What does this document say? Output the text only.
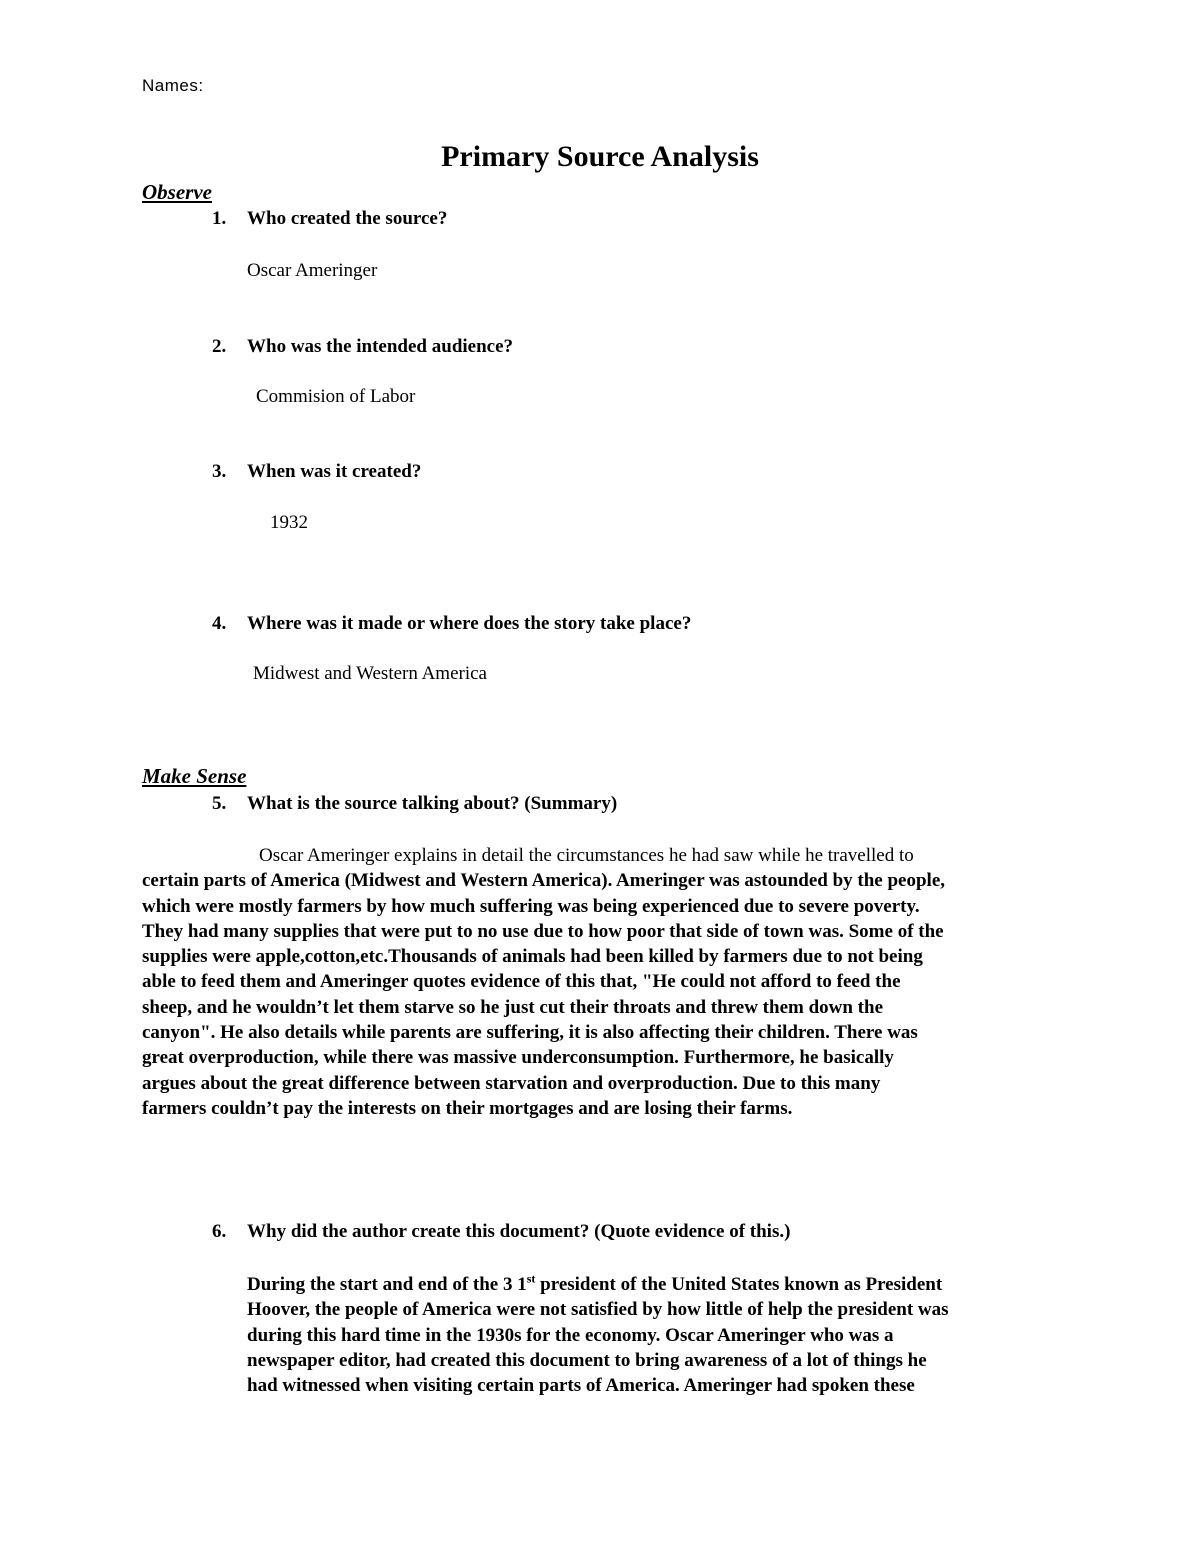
Names:
Primary Source Analysis
Observe
1. Who created the source?
Oscar Ameringer
2. Who was the intended audience?
Commision of Labor
3. When was it created?
1932
4. Where was it made or where does the story take place?
Midwest and Western America
Make Sense
5. What is the source talking about? (Summary)
Oscar Ameringer explains in detail the circumstances he had saw while he travelled to
certain parts of America (Midwest and Western America). Ameringer was astounded by the people,
which were mostly farmers by how much suffering was being experienced due to severe poverty.
They had many supplies that were put to no use due to how poor that side of town was. Some of the
supplies were apple,cotton,etc.Thousands of animals had been killed by farmers due to not being
able to feed them and Ameringer quotes evidence of this that, "He could not afford to feed the
sheep, and he wouldn’t let them starve so he just cut their throats and threw them down the
canyon". He also details while parents are suffering, it is also affecting their children. There was
great overproduction, while there was massive underconsumption. Furthermore, he basically
argues about the great difference between starvation and overproduction. Due to this many
farmers couldn’t pay the interests on their mortgages and are losing their farms.
6. Why did the author create this document? (Quote evidence of this.)
During the start and end of the 3 1st president of the United States known as President
Hoover, the people of America were not satisfied by how little of help the president was
during this hard time in the 1930s for the economy. Oscar Ameringer who was a
newspaper editor, had created this document to bring awareness of a lot of things he
had witnessed when visiting certain parts of America. Ameringer had spoken these
